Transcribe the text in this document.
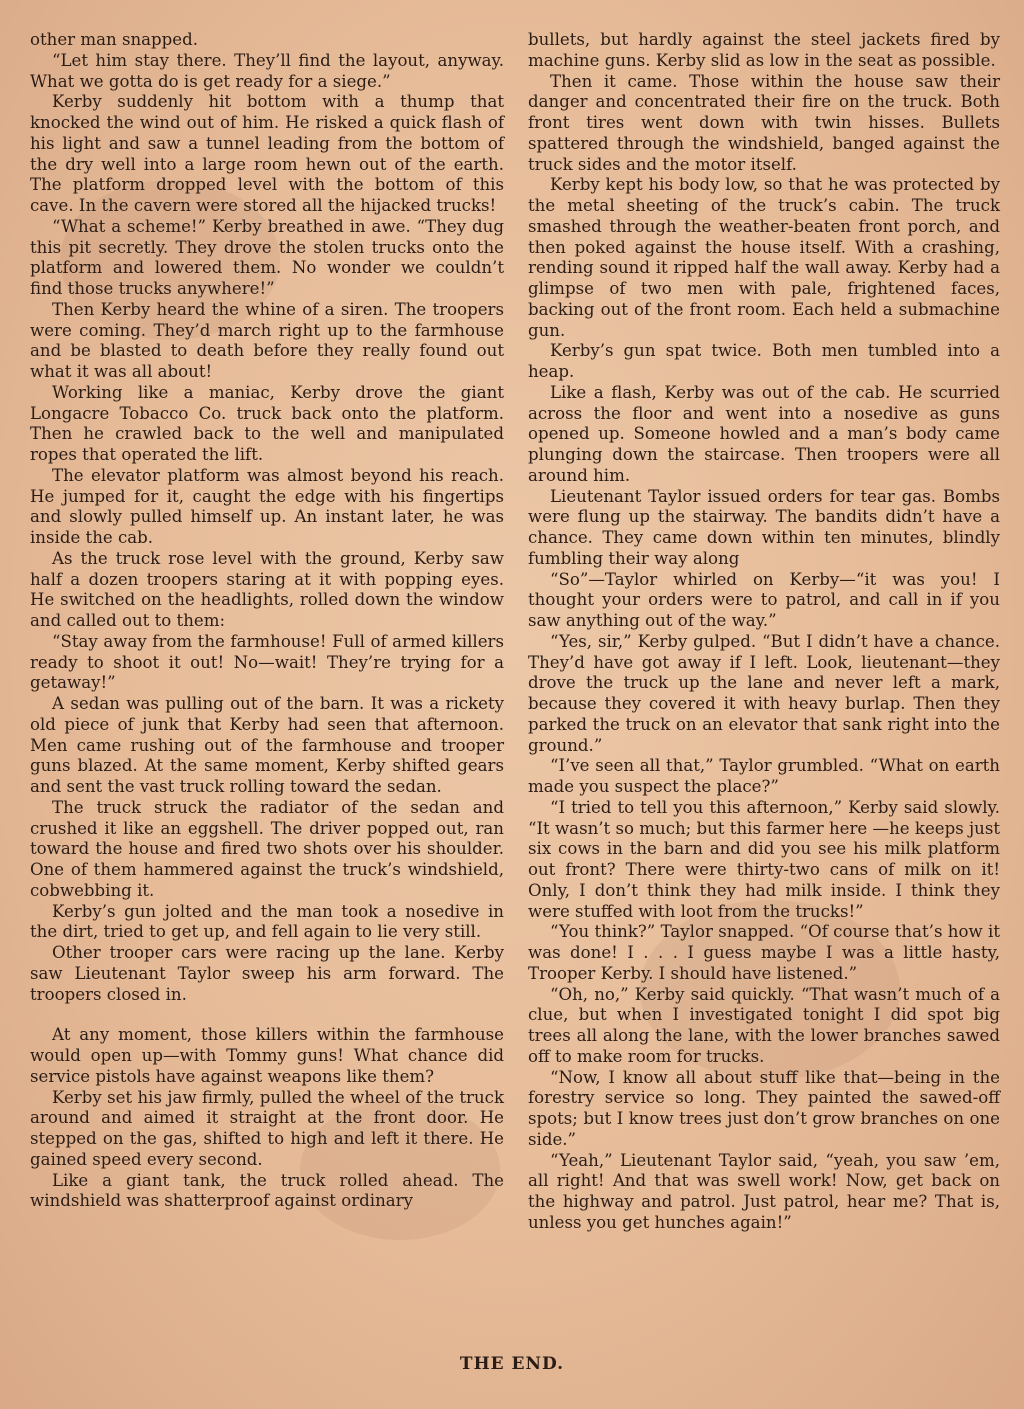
other man snapped.

“Let him stay there. They’ll find the layout, anyway. What we gotta do is get ready for a siege.”

Kerby suddenly hit bottom with a thump that knocked the wind out of him. He risked a quick flash of his light and saw a tunnel leading from the bottom of the dry well into a large room hewn out of the earth. The platform dropped level with the bottom of this cave. In the cavern were stored all the hijacked trucks!

“What a scheme!” Kerby breathed in awe. “They dug this pit secretly. They drove the stolen trucks onto the platform and lowered them. No wonder we couldn’t find those trucks anywhere!”

Then Kerby heard the whine of a siren. The troopers were coming. They’d march right up to the farmhouse and be blasted to death before they really found out what it was all about!

Working like a maniac, Kerby drove the giant Longacre Tobacco Co. truck back onto the platform. Then he crawled back to the well and manipulated ropes that operated the lift.

The elevator platform was almost beyond his reach. He jumped for it, caught the edge with his fingertips and slowly pulled himself up. An instant later, he was inside the cab.

As the truck rose level with the ground, Kerby saw half a dozen troopers staring at it with popping eyes. He switched on the headlights, rolled down the window and called out to them:

“Stay away from the farmhouse! Full of armed killers ready to shoot it out! No—wait! They’re trying for a getaway!”

A sedan was pulling out of the barn. It was a rickety old piece of junk that Kerby had seen that afternoon. Men came rushing out of the farmhouse and trooper guns blazed. At the same moment, Kerby shifted gears and sent the vast truck rolling toward the sedan.

The truck struck the radiator of the sedan and crushed it like an eggshell. The driver popped out, ran toward the house and fired two shots over his shoulder. One of them hammered against the truck’s windshield, cobwebbing it.

Kerby’s gun jolted and the man took a nosedive in the dirt, tried to get up, and fell again to lie very still.

Other trooper cars were racing up the lane. Kerby saw Lieutenant Taylor sweep his arm forward. The troopers closed in.

At any moment, those killers within the farmhouse would open up—with Tommy guns! What chance did service pistols have against weapons like them?

Kerby set his jaw firmly, pulled the wheel of the truck around and aimed it straight at the front door. He stepped on the gas, shifted to high and left it there. He gained speed every second.

Like a giant tank, the truck rolled ahead. The windshield was shatterproof against ordinary

bullets, but hardly against the steel jackets fired by machine guns. Kerby slid as low in the seat as possible.

Then it came. Those within the house saw their danger and concentrated their fire on the truck. Both front tires went down with twin hisses. Bullets spattered through the windshield, banged against the truck sides and the motor itself.

Kerby kept his body low, so that he was protected by the metal sheeting of the truck’s cabin. The truck smashed through the weather-beaten front porch, and then poked against the house itself. With a crashing, rending sound it ripped half the wall away. Kerby had a glimpse of two men with pale, frightened faces, backing out of the front room. Each held a submachine gun.

Kerby’s gun spat twice. Both men tumbled into a heap.

Like a flash, Kerby was out of the cab. He scurried across the floor and went into a nosedive as guns opened up. Someone howled and a man’s body came plunging down the staircase. Then troopers were all around him.

Lieutenant Taylor issued orders for tear gas. Bombs were flung up the stairway. The bandits didn’t have a chance. They came down within ten minutes, blindly fumbling their way along

“So”—Taylor whirled on Kerby—“it was you! I thought your orders were to patrol, and call in if you saw anything out of the way.”

“Yes, sir,” Kerby gulped. “But I didn’t have a chance. They’d have got away if I left. Look, lieutenant—they drove the truck up the lane and never left a mark, because they covered it with heavy burlap. Then they parked the truck on an elevator that sank right into the ground.”

“I’ve seen all that,” Taylor grumbled. “What on earth made you suspect the place?”

“I tried to tell you this afternoon,” Kerby said slowly. “It wasn’t so much; but this farmer here —he keeps just six cows in the barn and did you see his milk platform out front? There were thirty-two cans of milk on it! Only, I don’t think they had milk inside. I think they were stuffed with loot from the trucks!”

“You think?” Taylor snapped. “Of course that’s how it was done! I . . . I guess maybe I was a little hasty, Trooper Kerby. I should have listened.”

“Oh, no,” Kerby said quickly. “That wasn’t much of a clue, but when I investigated tonight I did spot big trees all along the lane, with the lower branches sawed off to make room for trucks.

“Now, I know all about stuff like that—being in the forestry service so long. They painted the sawed-off spots; but I know trees just don’t grow branches on one side.”

“Yeah,” Lieutenant Taylor said, “yeah, you saw ’em, all right! And that was swell work! Now, get back on the highway and patrol. Just patrol, hear me? That is, unless you get hunches again!”

THE END.
